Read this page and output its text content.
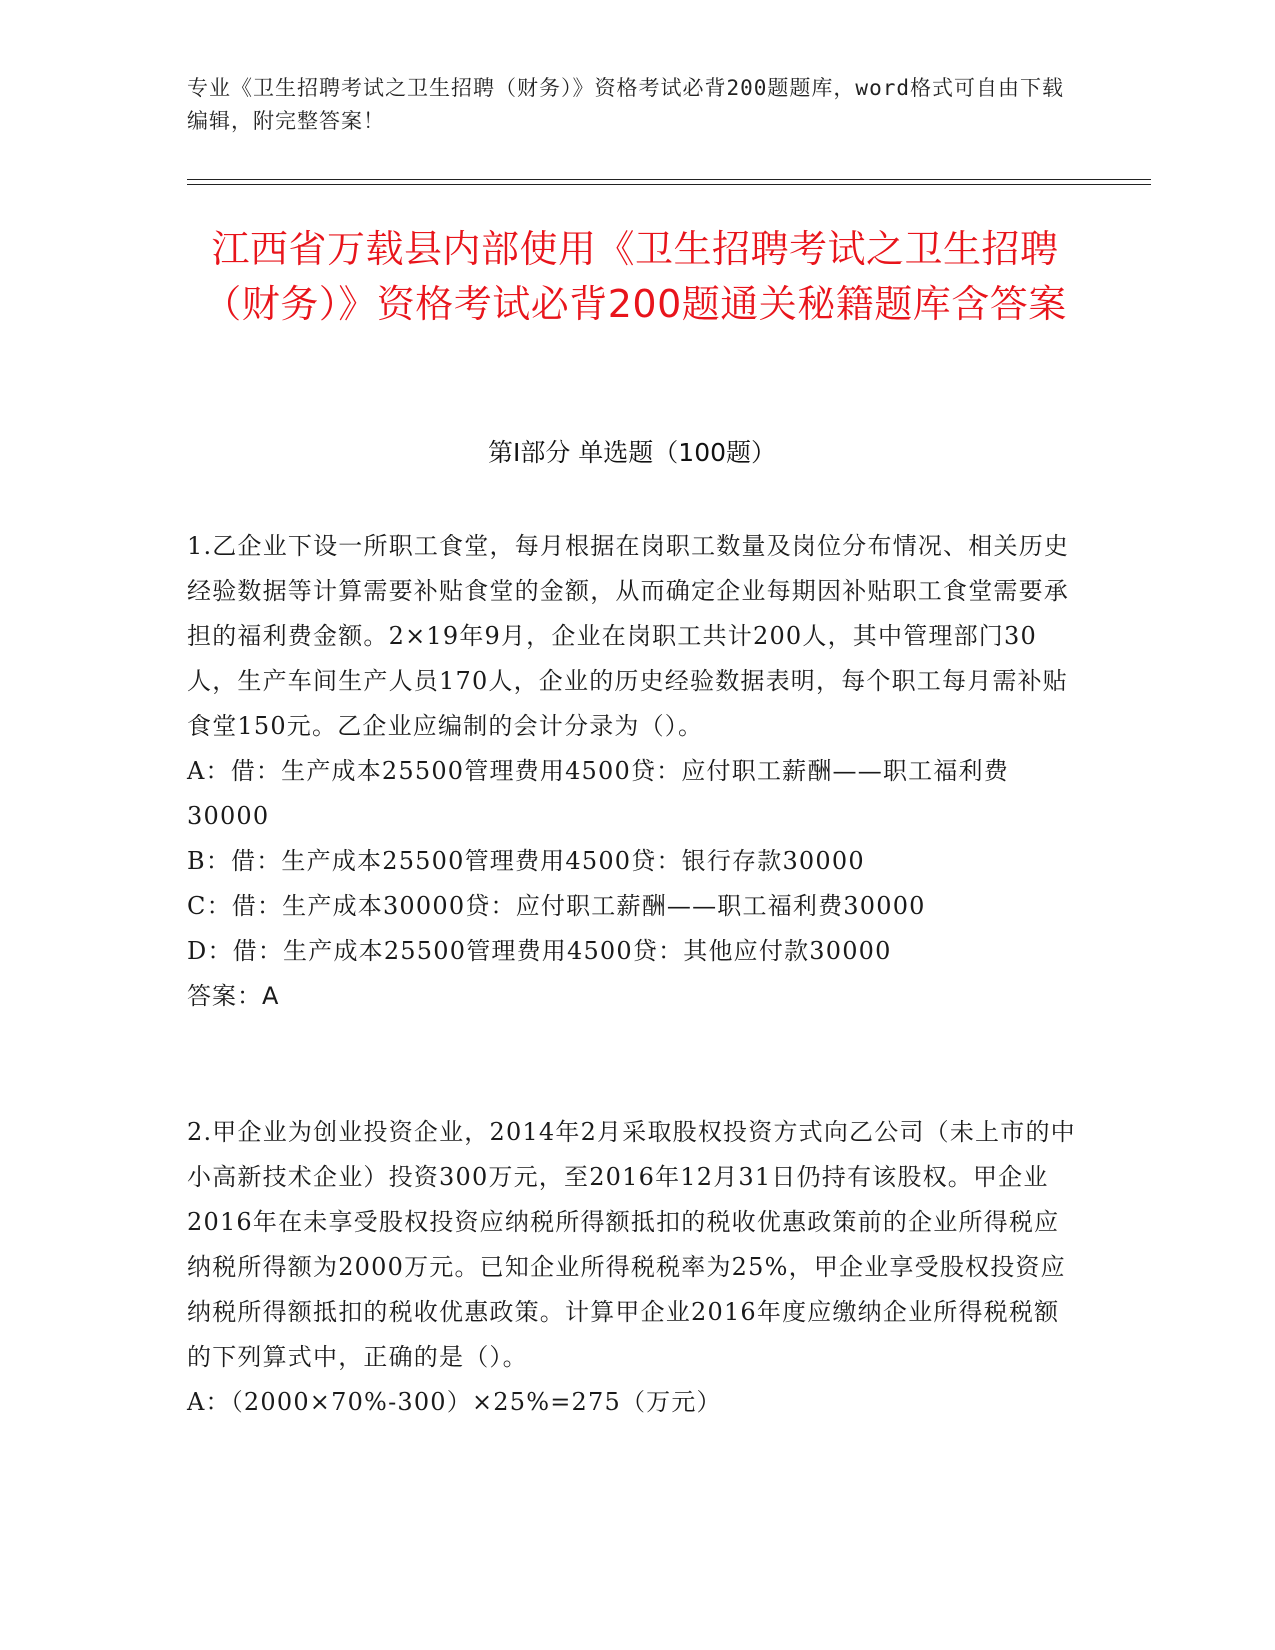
专业《卫生招聘考试之卫生招聘（财务）》资格考试必背200题题库，word格式可自由下载编辑，附完整答案！
江西省万载县内部使用《卫生招聘考试之卫生招聘（财务）》资格考试必背200题通关秘籍题库含答案
第Ⅰ部分 单选题（100题）

1.乙企业下设一所职工食堂，每月根据在岗职工数量及岗位分布情况、相关历史经验数据等计算需要补贴食堂的金额，从而确定企业每期因补贴职工食堂需要承担的福利费金额。2×19年9月，企业在岗职工共计200人，其中管理部门30人，生产车间生产人员170人，企业的历史经验数据表明，每个职工每月需补贴食堂150元。乙企业应编制的会计分录为（）。

A：借：生产成本25500管理费用4500贷：应付职工薪酬——职工福利费30000

B：借：生产成本25500管理费用4500贷：银行存款30000

C：借：生产成本30000贷：应付职工薪酬——职工福利费30000

D：借：生产成本25500管理费用4500贷：其他应付款30000

答案：A

2.甲企业为创业投资企业，2014年2月采取股权投资方式向乙公司（未上市的中小高新技术企业）投资300万元，至2016年12月31日仍持有该股权。甲企业2016年在未享受股权投资应纳税所得额抵扣的税收优惠政策前的企业所得税应纳税所得额为2000万元。已知企业所得税税率为25%，甲企业享受股权投资应纳税所得额抵扣的税收优惠政策。计算甲企业2016年度应缴纳企业所得税税额的下列算式中，正确的是（）。

A：（2000×70%-300）×25%=275（万元）
